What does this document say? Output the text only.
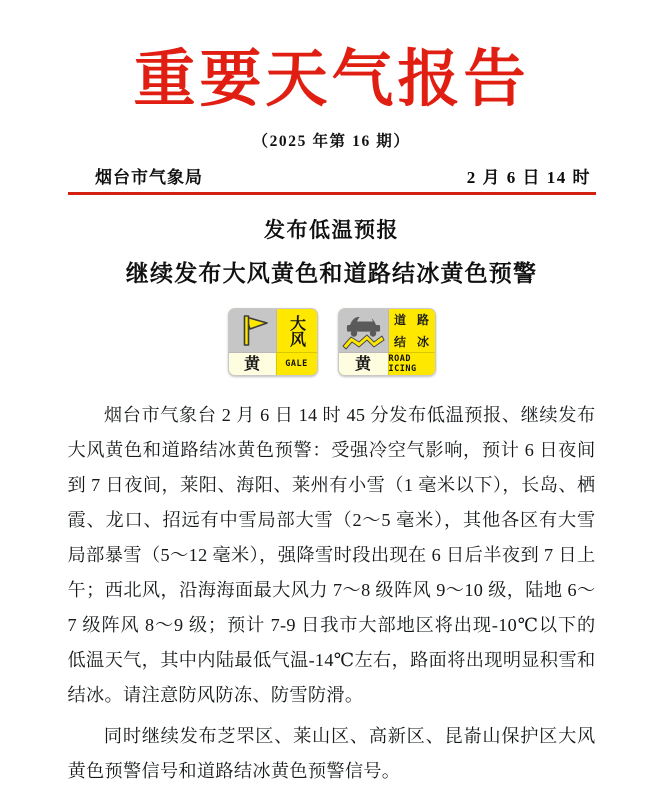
重要天气报告
（2025 年第 16 期）
烟台市气象局	2 月 6 日 14 时
发布低温预报
继续发布大风黄色和道路结冰黄色预警
大风
黄	GALE
道 路
结 冰
黄 ROAD ICING

烟台市气象台 2 月 6 日 14 时 45 分发布低温预报、继续发布大风黄色和道路结冰黄色预警：受强冷空气影响，预计 6 日夜间到 7 日夜间，莱阳、海阳、莱州有小雪（1 毫米以下），长岛、栖霞、龙口、招远有中雪局部大雪（2～5 毫米），其他各区有大雪局部暴雪（5～12 毫米），强降雪时段出现在 6 日后半夜到 7 日上午；西北风，沿海海面最大风力 7～8 级阵风 9～10 级，陆地 6～7 级阵风 8～9 级；预计 7-9 日我市大部地区将出现-10℃以下的低温天气，其中内陆最低气温-14℃左右，路面将出现明显积雪和结冰。请注意防风防冻、防雪防滑。

同时继续发布芝罘区、莱山区、高新区、昆嵛山保护区大风黄色预警信号和道路结冰黄色预警信号。
